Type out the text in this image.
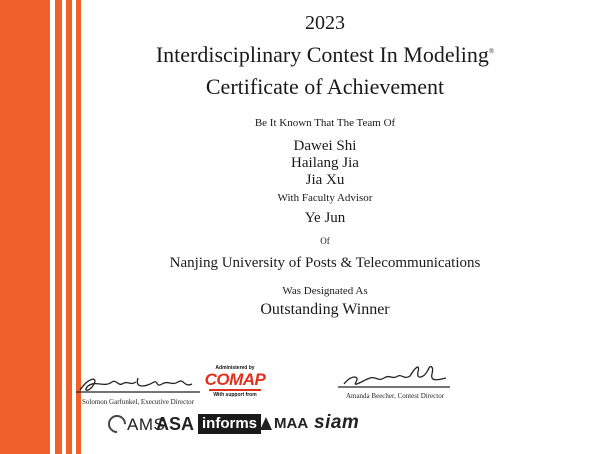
2023
Interdisciplinary Contest In Modeling®
Certificate of Achievement
Be It Known That The Team Of
Dawei Shi
Hailang Jia
Jia Xu
With Faculty Advisor
Ye Jun
Of
Nanjing University of Posts & Telecommunications
Was Designated As
Outstanding Winner
Solomon Garfunkel, Executive Director
Administered by
COMAP
With support from	Amanda Beecher, Contest Director
AMS
ASA informs	MAA siam
